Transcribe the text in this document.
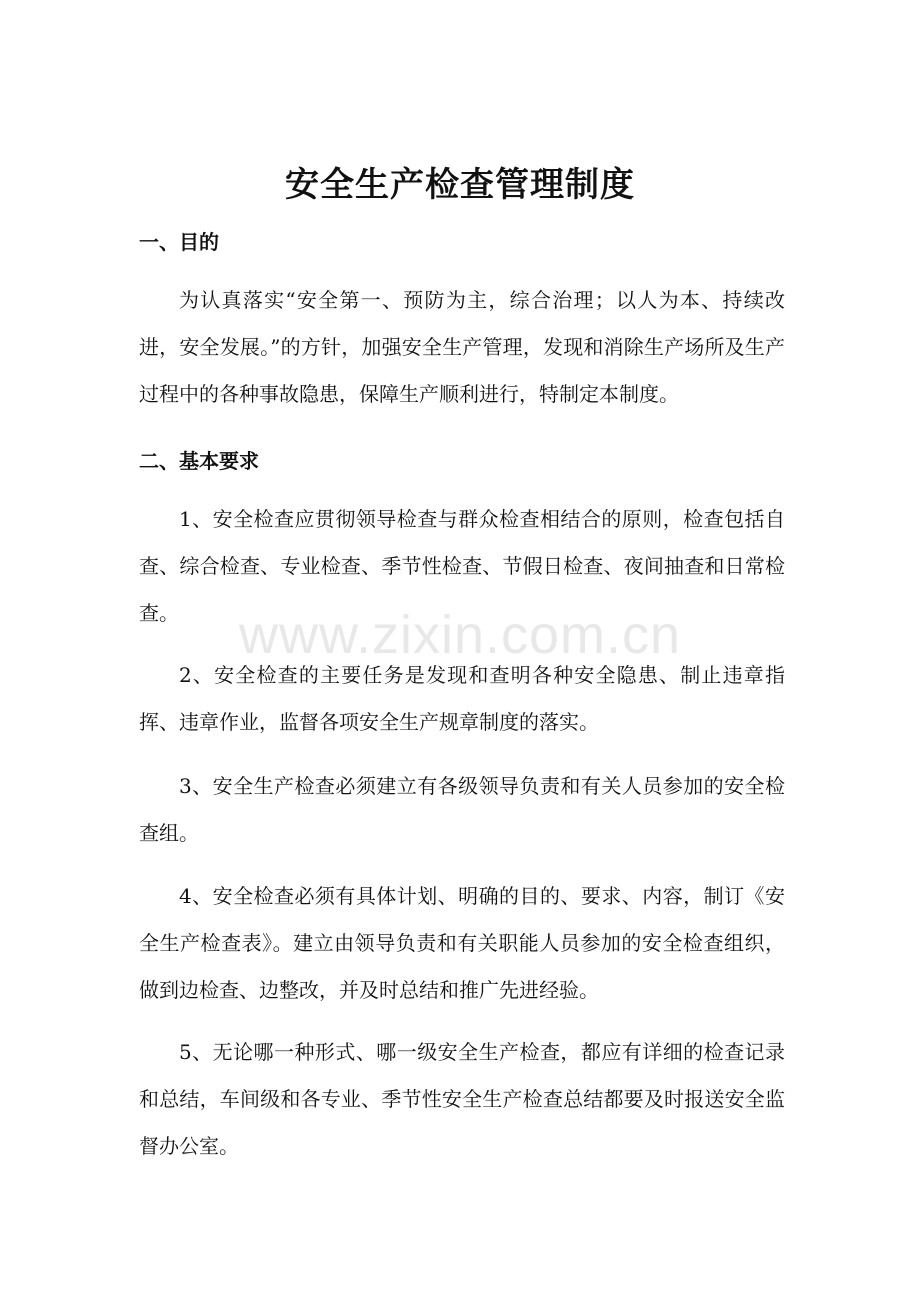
安全生产检查管理制度
一、目的

为认真落实“安全第一、预防为主，综合治理；以人为本、持续改进，安全发展。”的方针，加强安全生产管理，发现和消除生产场所及生产过程中的各种事故隐患，保障生产顺利进行，特制定本制度。

二、基本要求

1、安全检查应贯彻领导检查与群众检查相结合的原则，检查包括自查、综合检查、专业检查、季节性检查、节假日检查、夜间抽查和日常检查。

2、安全检查的主要任务是发现和查明各种安全隐患、制止违章指挥、违章作业，监督各项安全生产规章制度的落实。

3、安全生产检查必须建立有各级领导负责和有关人员参加的安全检查组。

4、安全检查必须有具体计划、明确的目的、要求、内容，制订《安全生产检查表》。建立由领导负责和有关职能人员参加的安全检查组织，做到边检查、边整改，并及时总结和推广先进经验。

5、无论哪一种形式、哪一级安全生产检查，都应有详细的检查记录和总结，车间级和各专业、季节性安全生产检查总结都要及时报送安全监督办公室。

www.zixin.com.cn
